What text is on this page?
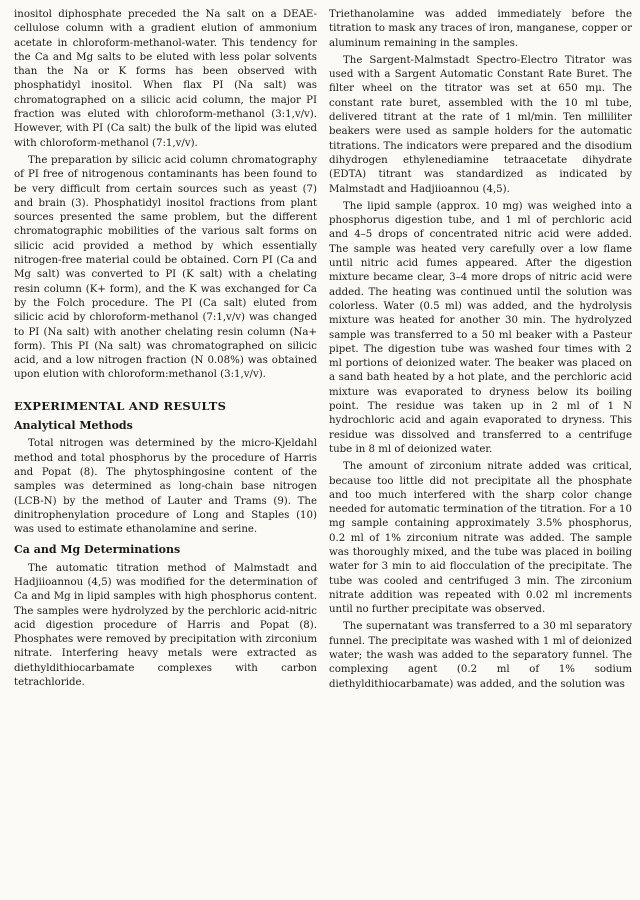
inositol diphosphate preceded the Na salt on a DEAE-cellulose column with a gradient elution of ammonium acetate in chloroform-methanol-water. This tendency for the Ca and Mg salts to be eluted with less polar solvents than the Na or K forms has been observed with phosphatidyl inositol. When flax PI (Na salt) was chromatographed on a silicic acid column, the major PI fraction was eluted with chloroform-methanol (3:1,v/v). However, with PI (Ca salt) the bulk of the lipid was eluted with chloroform-methanol (7:1,v/v).

The preparation by silicic acid column chromatography of PI free of nitrogenous contaminants has been found to be very difficult from certain sources such as yeast (7) and brain (3). Phosphatidyl inositol fractions from plant sources presented the same problem, but the different chromatographic mobilities of the various salt forms on silicic acid provided a method by which essentially nitrogen-free material could be obtained. Corn PI (Ca and Mg salt) was converted to PI (K salt) with a chelating resin column (K+ form), and the K was exchanged for Ca by the Folch procedure. The PI (Ca salt) eluted from silicic acid by chloroform-methanol (7:1,v/v) was changed to PI (Na salt) with another chelating resin column (Na+ form). This PI (Na salt) was chromatographed on silicic acid, and a low nitrogen fraction (N 0.08%) was obtained upon elution with chloroform:methanol (3:1,v/v).

EXPERIMENTAL AND RESULTS
Analytical Methods

Total nitrogen was determined by the micro-Kjeldahl method and total phosphorus by the procedure of Harris and Popat (8). The phytosphingosine content of the samples was determined as long-chain base nitrogen (LCB-N) by the method of Lauter and Trams (9). The dinitrophenylation procedure of Long and Staples (10) was used to estimate ethanolamine and serine.

Ca and Mg Determinations

The automatic titration method of Malmstadt and Hadjiioannou (4,5) was modified for the determination of Ca and Mg in lipid samples with high phosphorus content. The samples were hydrolyzed by the perchloric acid-nitric acid digestion procedure of Harris and Popat (8). Phosphates were removed by precipitation with zirconium nitrate. Interfering heavy metals were extracted as diethyldithiocarbamate complexes with carbon tetrachloride.

Triethanolamine was added immediately before the titration to mask any traces of iron, manganese, copper or aluminum remaining in the samples.

The Sargent-Malmstadt Spectro-Electro Titrator was used with a Sargent Automatic Constant Rate Buret. The filter wheel on the titrator was set at 650 mμ. The constant rate buret, assembled with the 10 ml tube, delivered titrant at the rate of 1 ml/min. Ten milliliter beakers were used as sample holders for the automatic titrations. The indicators were prepared and the disodium dihydrogen ethylenediamine tetraacetate dihydrate (EDTA) titrant was standardized as indicated by Malmstadt and Hadjiioannou (4,5).

The lipid sample (approx. 10 mg) was weighed into a phosphorus digestion tube, and 1 ml of perchloric acid and 4–5 drops of concentrated nitric acid were added. The sample was heated very carefully over a low flame until nitric acid fumes appeared. After the digestion mixture became clear, 3–4 more drops of nitric acid were added. The heating was continued until the solution was colorless. Water (0.5 ml) was added, and the hydrolysis mixture was heated for another 30 min. The hydrolyzed sample was transferred to a 50 ml beaker with a Pasteur pipet. The digestion tube was washed four times with 2 ml portions of deionized water. The beaker was placed on a sand bath heated by a hot plate, and the perchloric acid mixture was evaporated to dryness below its boiling point. The residue was taken up in 2 ml of 1 N hydrochloric acid and again evaporated to dryness. This residue was dissolved and transferred to a centrifuge tube in 8 ml of deionized water.

The amount of zirconium nitrate added was critical, because too little did not precipitate all the phosphate and too much interfered with the sharp color change needed for automatic termination of the titration. For a 10 mg sample containing approximately 3.5% phosphorus, 0.2 ml of 1% zirconium nitrate was added. The sample was thoroughly mixed, and the tube was placed in boiling water for 3 min to aid flocculation of the precipitate. The tube was cooled and centrifuged 3 min. The zirconium nitrate addition was repeated with 0.02 ml increments until no further precipitate was observed.

The supernatant was transferred to a 30 ml separatory funnel. The precipitate was washed with 1 ml of deionized water; the wash was added to the separatory funnel. The complexing agent (0.2 ml of 1% sodium diethyldithiocarbamate) was added, and the solution was
